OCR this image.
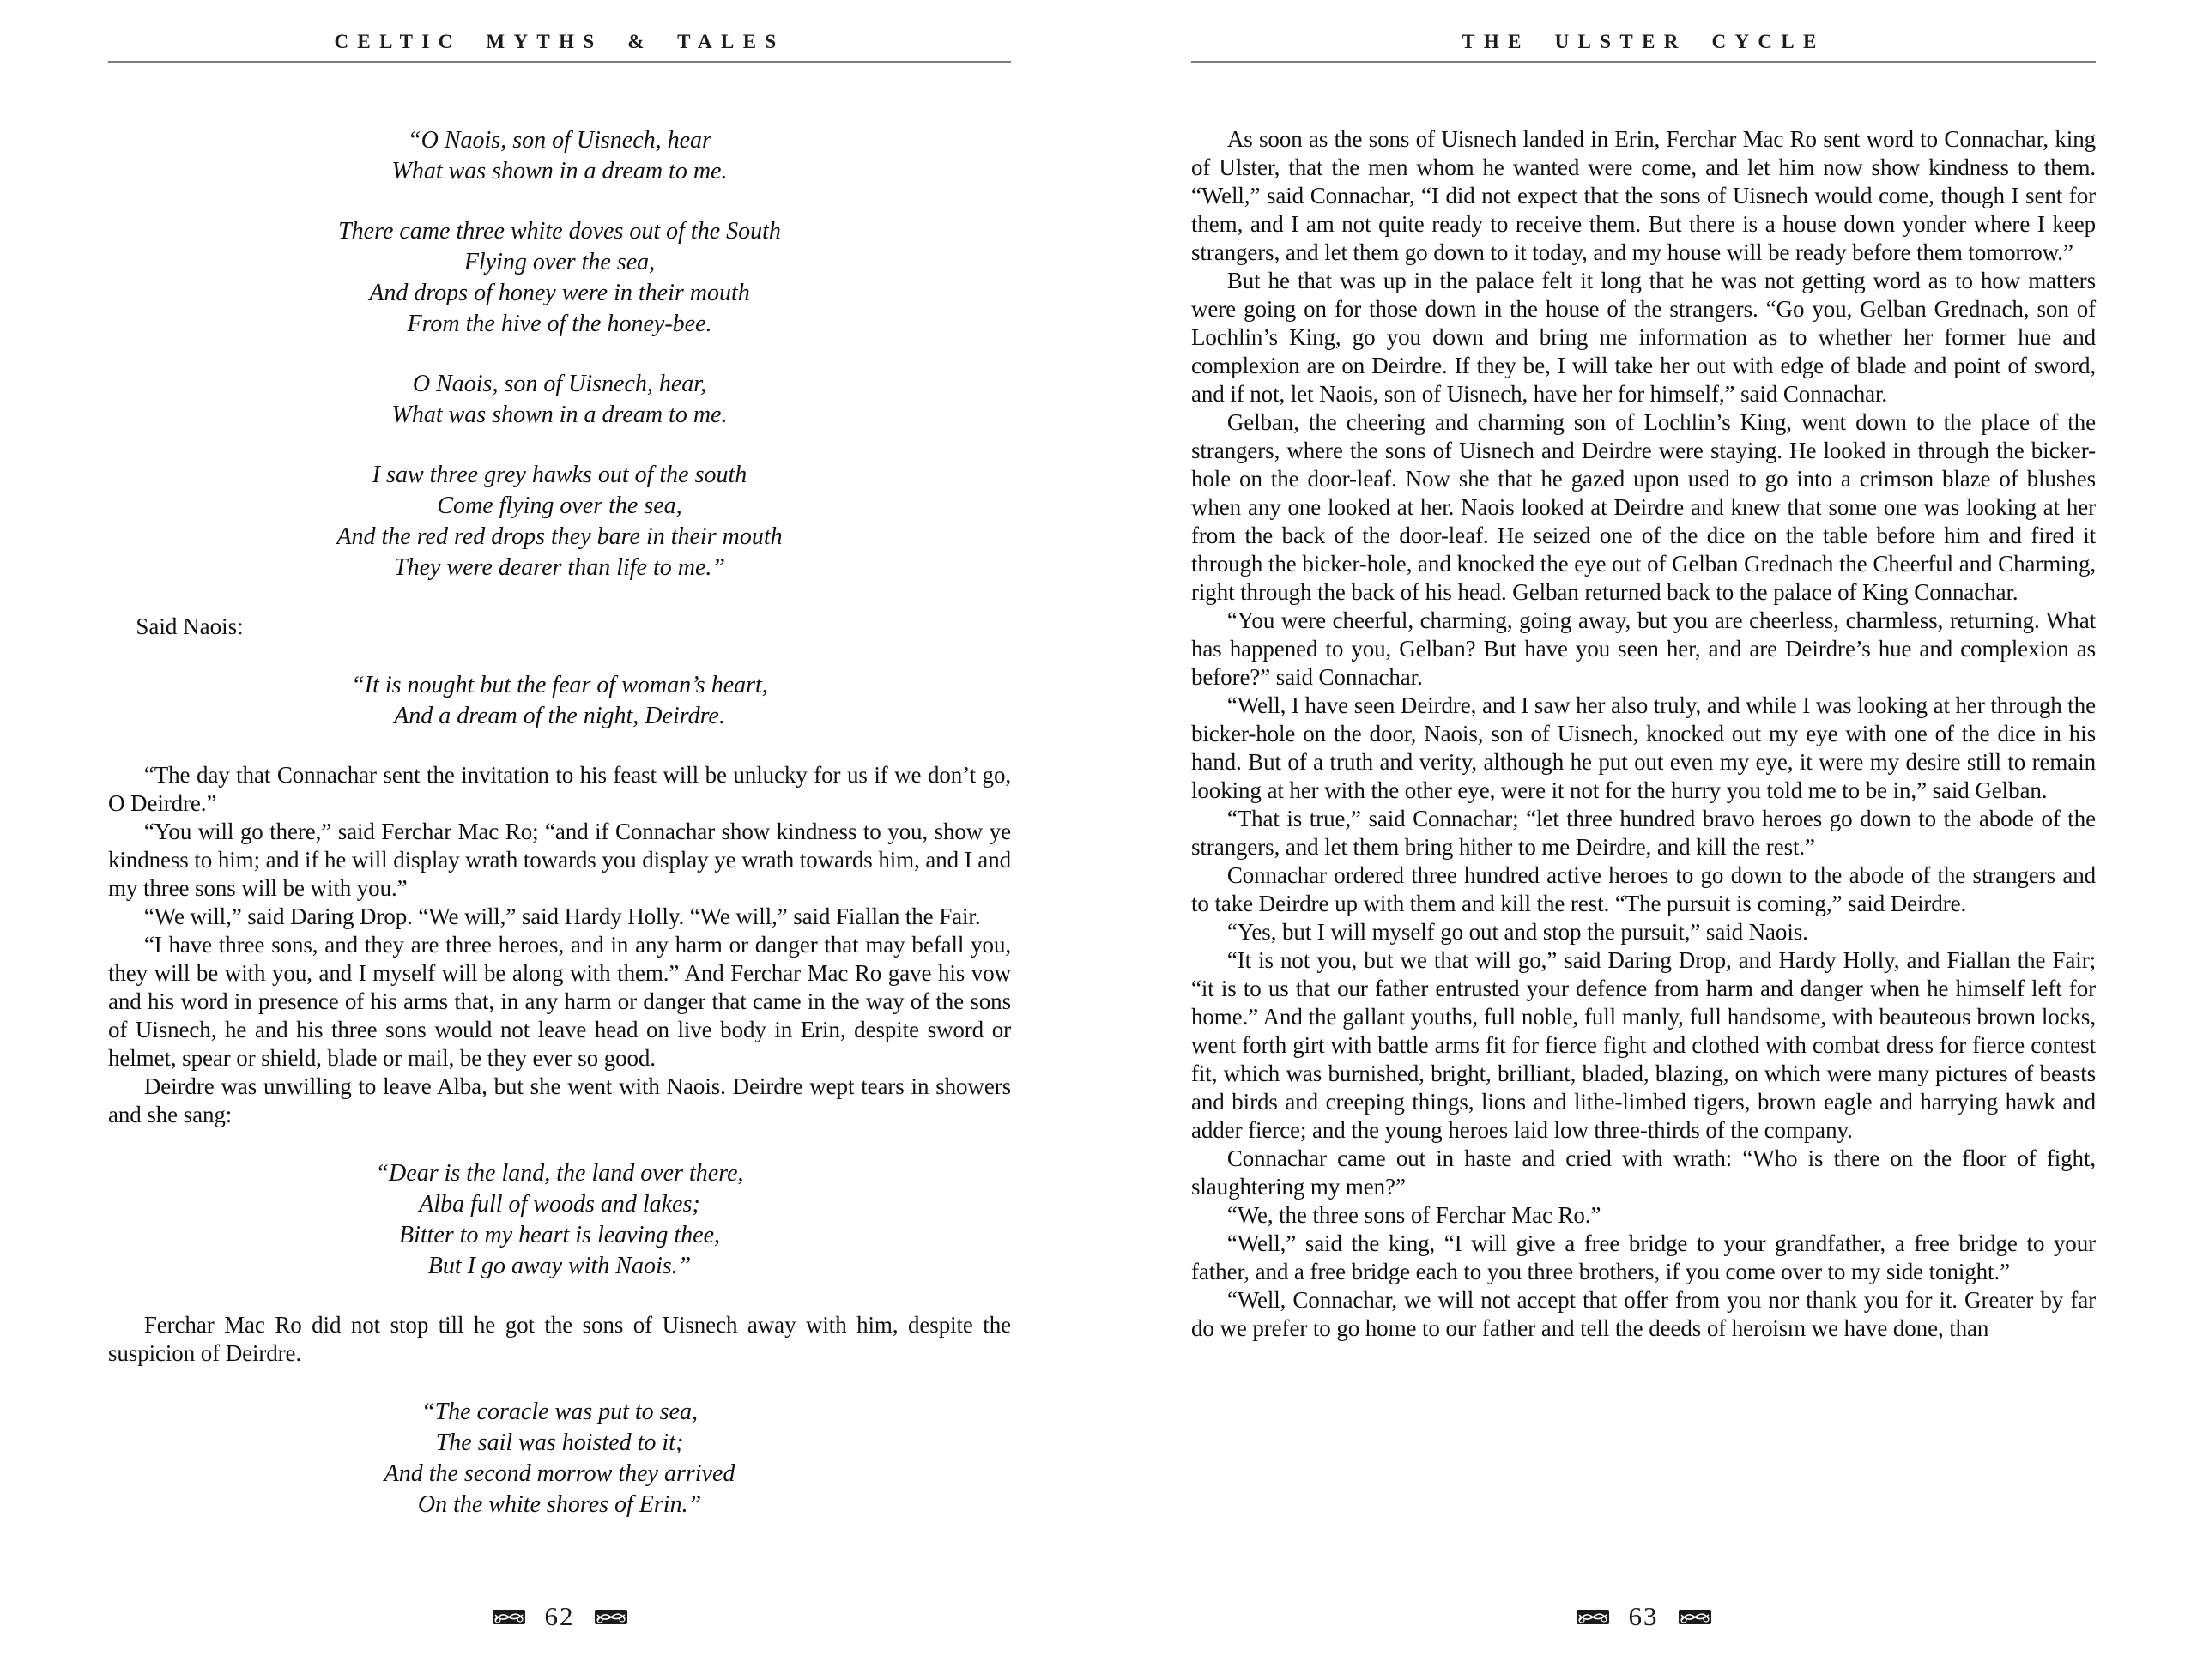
CELTIC MYTHS & TALES
“O Naois, son of Uisnech, hear
What was shown in a dream to me.
There came three white doves out of the South
Flying over the sea,
And drops of honey were in their mouth
From the hive of the honey-bee.
O Naois, son of Uisnech, hear,
What was shown in a dream to me.
I saw three grey hawks out of the south
Come flying over the sea,
And the red red drops they bare in their mouth
They were dearer than life to me.”

Said Naois:

“It is nought but the fear of woman’s heart,
And a dream of the night, Deirdre.

“The day that Connachar sent the invitation to his feast will be unlucky for us if we don’t go, O Deirdre.”

“You will go there,” said Ferchar Mac Ro; “and if Connachar show kindness to you, show ye kindness to him; and if he will display wrath towards you display ye wrath towards him, and I and my three sons will be with you.”

“We will,” said Daring Drop. “We will,” said Hardy Holly. “We will,” said Fiallan the Fair.

“I have three sons, and they are three heroes, and in any harm or danger that may befall you, they will be with you, and I myself will be along with them.” And Ferchar Mac Ro gave his vow and his word in presence of his arms that, in any harm or danger that came in the way of the sons of Uisnech, he and his three sons would not leave head on live body in Erin, despite sword or helmet, spear or shield, blade or mail, be they ever so good.

Deirdre was unwilling to leave Alba, but she went with Naois. Deirdre wept tears in showers and she sang:

“Dear is the land, the land over there,
Alba full of woods and lakes;
Bitter to my heart is leaving thee,
But I go away with Naois.”

Ferchar Mac Ro did not stop till he got the sons of Uisnech away with him, despite the suspicion of Deirdre.

“The coracle was put to sea,
The sail was hoisted to it;
And the second morrow they arrived
On the white shores of Erin.”
62
THE ULSTER CYCLE

As soon as the sons of Uisnech landed in Erin, Ferchar Mac Ro sent word to Connachar, king of Ulster, that the men whom he wanted were come, and let him now show kindness to them. “Well,” said Connachar, “I did not expect that the sons of Uisnech would come, though I sent for them, and I am not quite ready to receive them. But there is a house down yonder where I keep strangers, and let them go down to it today, and my house will be ready before them tomorrow.”

But he that was up in the palace felt it long that he was not getting word as to how matters were going on for those down in the house of the strangers. “Go you, Gelban Grednach, son of Lochlin’s King, go you down and bring me information as to whether her former hue and complexion are on Deirdre. If they be, I will take her out with edge of blade and point of sword, and if not, let Naois, son of Uisnech, have her for himself,” said Connachar.

Gelban, the cheering and charming son of Lochlin’s King, went down to the place of the strangers, where the sons of Uisnech and Deirdre were staying. He looked in through the bicker-hole on the door-leaf. Now she that he gazed upon used to go into a crimson blaze of blushes when any one looked at her. Naois looked at Deirdre and knew that some one was looking at her from the back of the door-leaf. He seized one of the dice on the table before him and fired it through the bicker-hole, and knocked the eye out of Gelban Grednach the Cheerful and Charming, right through the back of his head. Gelban returned back to the palace of King Connachar.

“You were cheerful, charming, going away, but you are cheerless, charmless, returning. What has happened to you, Gelban? But have you seen her, and are Deirdre’s hue and complexion as before?” said Connachar.

“Well, I have seen Deirdre, and I saw her also truly, and while I was looking at her through the bicker-hole on the door, Naois, son of Uisnech, knocked out my eye with one of the dice in his hand. But of a truth and verity, although he put out even my eye, it were my desire still to remain looking at her with the other eye, were it not for the hurry you told me to be in,” said Gelban.

“That is true,” said Connachar; “let three hundred bravo heroes go down to the abode of the strangers, and let them bring hither to me Deirdre, and kill the rest.”

Connachar ordered three hundred active heroes to go down to the abode of the strangers and to take Deirdre up with them and kill the rest. “The pursuit is coming,” said Deirdre.

“Yes, but I will myself go out and stop the pursuit,” said Naois.

“It is not you, but we that will go,” said Daring Drop, and Hardy Holly, and Fiallan the Fair; “it is to us that our father entrusted your defence from harm and danger when he himself left for home.” And the gallant youths, full noble, full manly, full handsome, with beauteous brown locks, went forth girt with battle arms fit for fierce fight and clothed with combat dress for fierce contest fit, which was burnished, bright, brilliant, bladed, blazing, on which were many pictures of beasts and birds and creeping things, lions and lithe-limbed tigers, brown eagle and harrying hawk and adder fierce; and the young heroes laid low three-thirds of the company.

Connachar came out in haste and cried with wrath: “Who is there on the floor of fight, slaughtering my men?”

“We, the three sons of Ferchar Mac Ro.”

“Well,” said the king, “I will give a free bridge to your grandfather, a free bridge to your father, and a free bridge each to you three brothers, if you come over to my side tonight.”

“Well, Connachar, we will not accept that offer from you nor thank you for it. Greater by far do we prefer to go home to our father and tell the deeds of heroism we have done, than

63
